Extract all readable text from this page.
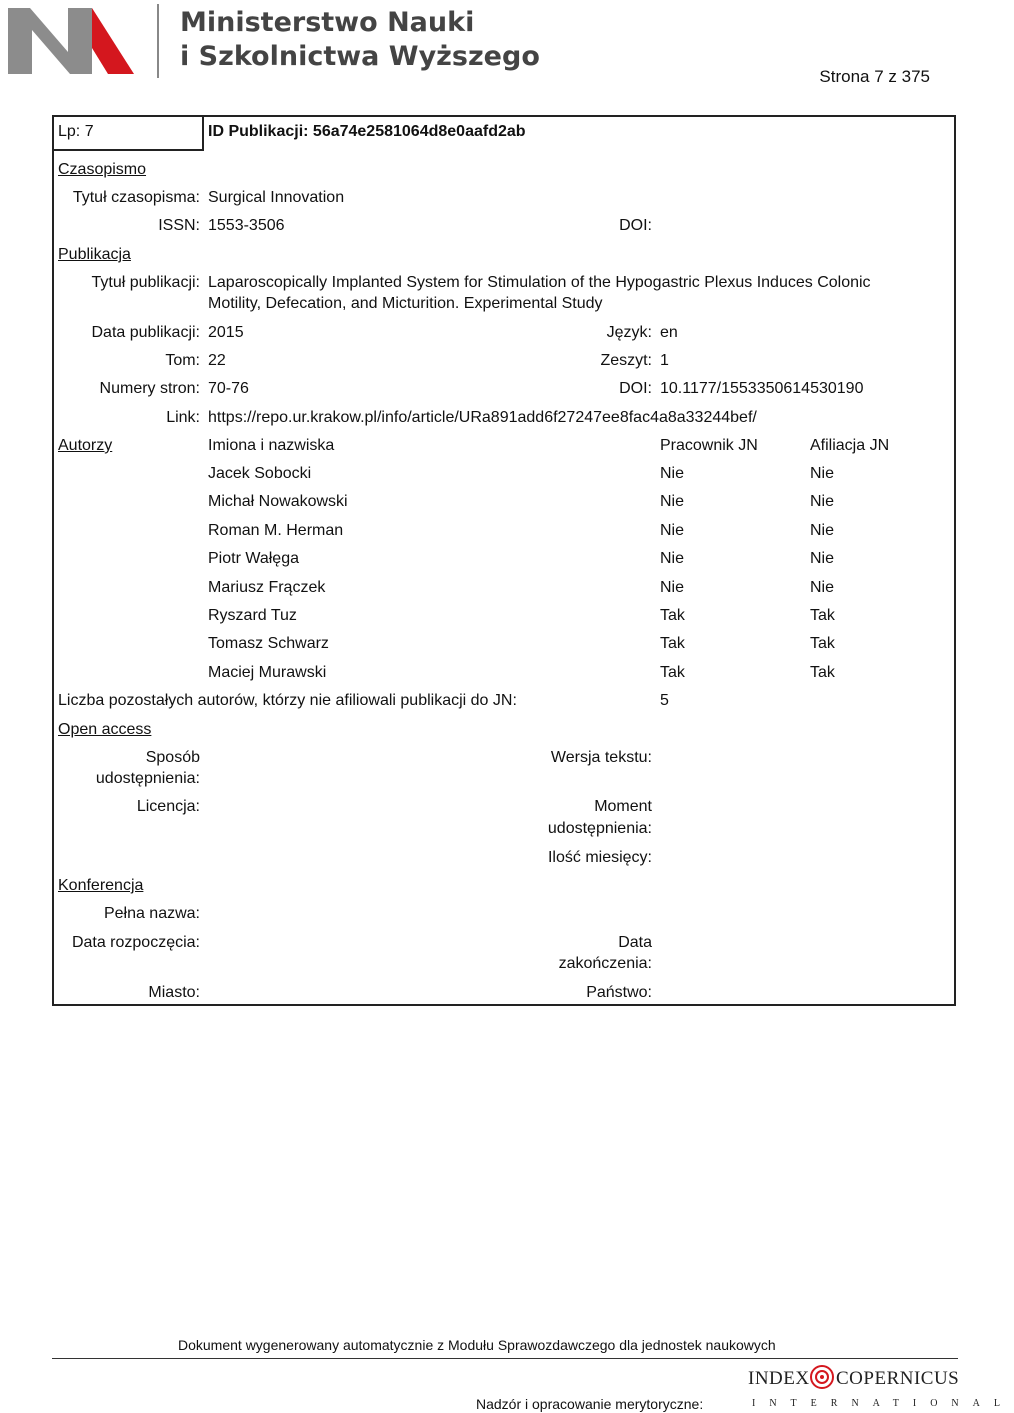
Ministerstwo Nauki
i Szkolnictwa Wyższego
Strona 7 z 375
Lp: 7	ID Publikacji: 56a74e2581064d8e0aafd2ab
Czasopismo
Tytuł czasopisma: Surgical Innovation
ISSN: 1553-3506	DOI:
Publikacja
Tytuł publikacji: Laparoscopically Implanted System for Stimulation of the Hypogastric Plexus Induces Colonic
Motility, Defecation, and Micturition. Experimental Study
Data publikacji: 2015	Język: en
Tom: 22	Zeszyt: 1
Numery stron: 70-76	DOI: 10.1177/1553350614530190
Link: https://repo.ur.krakow.pl/info/article/URa891add6f27247ee8fac4a8a33244bef/
Autorzy	Imiona i nazwiska	Pracownik JN	Afiliacja JN
Jacek Sobocki	Nie	Nie
Michał Nowakowski	Nie	Nie
Roman M. Herman	Nie	Nie
Piotr Wałęga	Nie	Nie
Mariusz Frączek	Nie	Nie
Ryszard Tuz	Tak	Tak
Tomasz Schwarz	Tak	Tak
Maciej Murawski	Tak	Tak
Liczba pozostałych autorów, którzy nie afiliowali publikacji do JN:	5
Open access
Sposób
udostępnienia:
Wersja tekstu:
Licencja:	Moment
udostępnienia:
Ilość miesięcy:
Konferencja
Pełna nazwa:
Data rozpoczęcia:	Data
zakończenia:
Miasto:	Państwo:
Dokument wygenerowany automatycznie z Modułu Sprawozdawczego dla jednostek naukowych
Nadzór i opracowanie merytoryczne:
INDEX COPERNICUS
INTERNATIONAL
